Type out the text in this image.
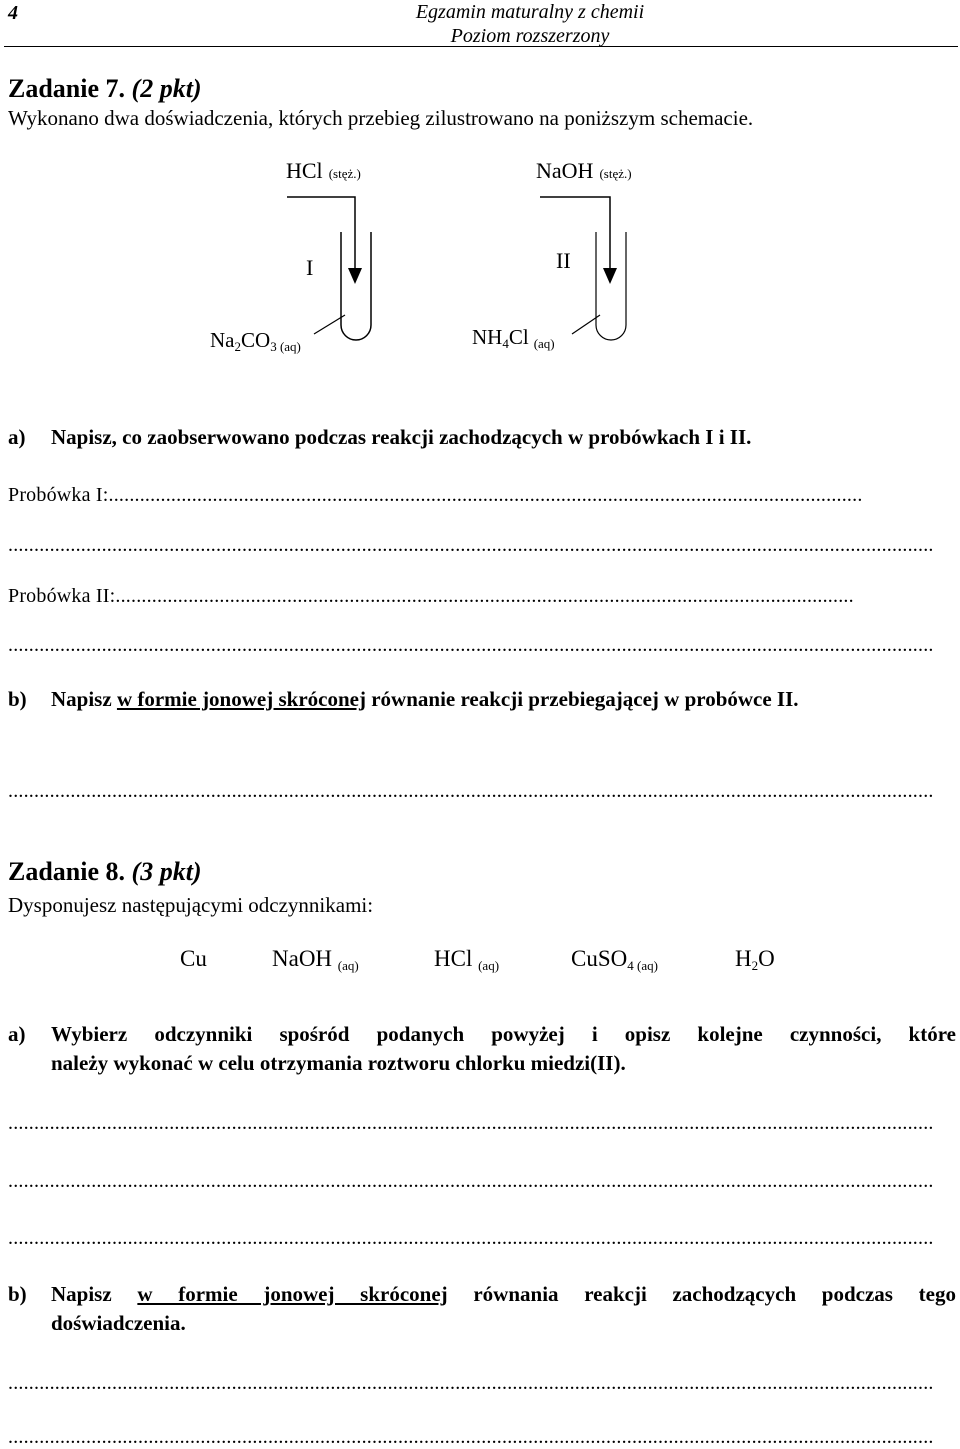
4	Egzamin maturalny z chemii
Poziom rozszerzony
Zadanie 7. (2 pkt)
Wykonano dwa doświadczenia, których przebieg zilustrowano na poniższym schemacie.
HCl (stęż.)
I
Na2CO3 (aq)
NaOH (stęż.)
II
NH4Cl (aq)
a) Napisz, co zaobserwowano podczas reakcji zachodzących w probówkach I i II.
Probówka I:.................................................................................................................................................
..................................................................................................................................................................................
Probówka II:..............................................................................................................................................
..................................................................................................................................................................................
b) Napisz w formie jonowej skróconej równanie reakcji przebiegającej w probówce II.
..................................................................................................................................................................................
Zadanie 8. (3 pkt)
Dysponujesz następującymi odczynnikami:
Cu	NaOH $_{(aq)}$	HCl $_{(aq)}$	CuSO$_{4 (aq)}$	$H_2O$
a) Wybierz odczynniki spośród podanych powyżej i opisz kolejne czynności, które
należy wykonać w celu otrzymania roztworu chlorku miedzi(II).
..................................................................................................................................................................................
..................................................................................................................................................................................
..................................................................................................................................................................................
b) Napisz w formie jonowej skróconej równania reakcji zachodzących podczas tego
doświadczenia.
..................................................................................................................................................................................
..................................................................................................................................................................................
